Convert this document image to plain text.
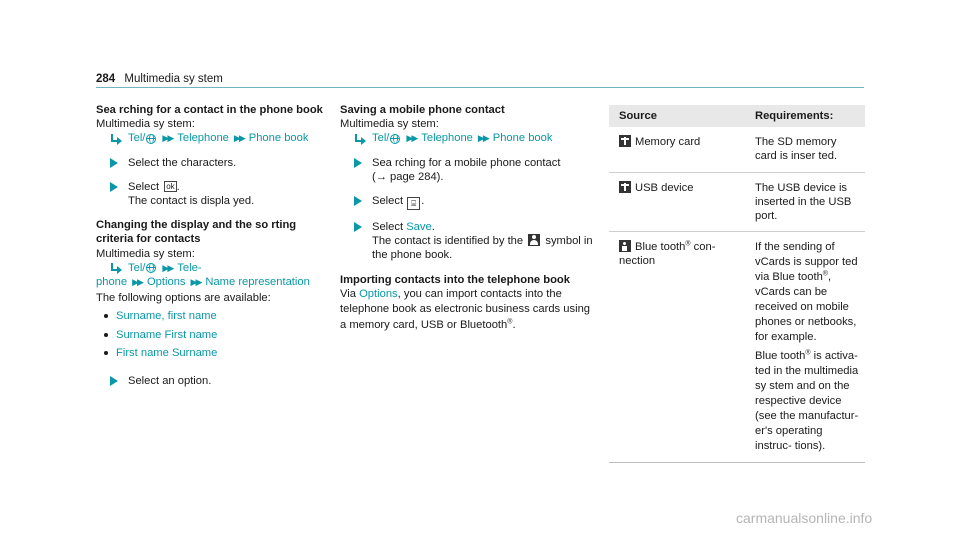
284 Multimedia sy stem
Sea rching for a contact in the phone book
Multimedia sy stem:
Tel/ ▶▶ Telephone ▶▶ Phone book
Select the characters.
Select ok .
The contact is displa yed.
Changing the display and the so rting criteria for contacts
Multimedia sy stem:
Tel/ ▶▶ Tele-
phone ▶▶ Options ▶▶ Name representation
The following options are available:
Surname, first name
Surname First name
First name Surname
Select an option.
Saving a mobile phone contact
Multimedia sy stem:
Tel/ ▶▶ Telephone ▶▶ Phone book
Sea rching for a mobile phone contact
(→ page 284).
Select ⌸ .
Select Save.
The contact is identified by the symbol in the phone book.
Importing contacts into the telephone book
Via Options, you can import contacts into the telephone book as electronic business cards using a memory card, USB or Bluetooth®.
Source	Requirements:
Memory card	The SD memory card is inser ted.
USB device	The USB device is inserted in the USB port.
Blue tooth® con- nection	If the sending of vCards is suppor ted via Blue tooth®, vCards can be received on mobile phones or netbooks, for example.
Blue tooth® is activa- ted in the multimedia sy stem and on the respective device (see the manufactur- er's operating instruc- tions).
carmanualsonline.info
